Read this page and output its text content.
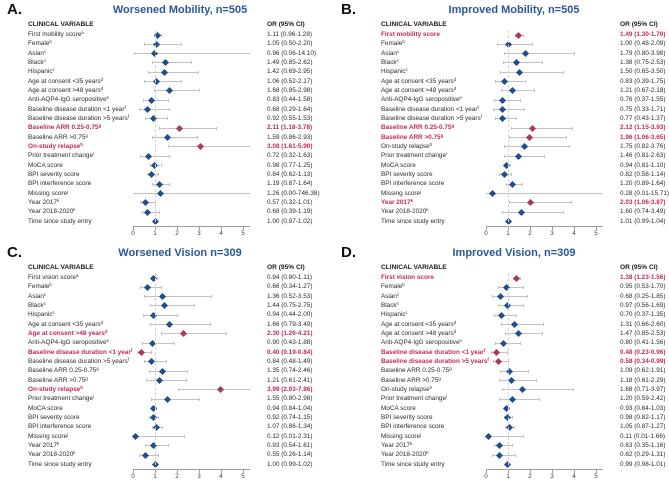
A.	Worsened Mobility, n=505
CLINICAL VARIABLE	OR (95% CI)
First mobility score$^a$	1.11 (0.96-1.28)
Female$^b$	1.05 (0.50-2.20)
Asian$^c$	0.96 (0.06-14.10)
Black$^c$	1.49 (0.85-2.62)
Hispanic$^c$	1.42 (0.69-2.95)
Age at consent <35 years$^d$	1.06 (0.52-2.17)
Age at consent >48 years$^d$	1.68 (0.95-2.98)
Anti-AQP4-IgG seropositive$^e$	0.83 (0.44-1.58)
Baseline disease duration <1 year$^f$	0.68 (0.29-1.64)
Baseline disease duration >5 years$^f$	0.92 (0.55-1.53)
Baseline ARR 0.25-0.75$^g$	2.11 (1.18-3.78)
Baseline ARR >0.75$^g$	1.59 (0.86-2.93)
On-study relapse$^h$	3.08 (1.61-5.90)
Prior treatment change$^i$	0.72 (0.32-1.63)
MoCA score	0.98 (0.77-1.25)
BPI severity score	0.84 (0.62-1.13)
BPI interference score	1.19 (0.87-1.64)
Missing score$^j$	1.26 (0.00-746.38)
Year 2017$^k$	0.57 (0.32-1.01)
Year 2018-2020$^k$	0.68 (0.39-1.19)
Time since study entry	1.00 (0.97-1.02)
0	1	2	3	4	5
B.	Improved Mobility, n=505
CLINICAL VARIABLE	OR (95% CI)
First mobility score	1.49 (1.30-1.70)
Female$^b$	1.00 (0.48-2.09)
Asian$^c$	1.79 (0.80-3.98)
Black$^c$	1.38 (0.75-2.53)
Hispanic$^c$	1.50 (0.65-3.50)
Age at consent <35 years$^d$	0.83 (0.39-1.75)
Age at consent >48 years$^d$	1.21 (0.67-2.18)
Anti-AQP4-IgG seropositive$^e$	0.76 (0.37-1.55)
Baseline disease duration <1 year$^f$	0.75 (0.33-1.71)
Baseline disease duration >5 years$^f$	0.77 (0.43-1.37)
Baseline ARR 0.25-0.75$^g$	2.12 (1.15-3.93)
Baseline ARR >0.75$^g$	1.96 (1.06-3.65)
On-study relapse$^h$	1.75 (0.82-3.76)
Prior treatment change$^i$	1.46 (0.81-2.63)
MoCA score	0.94 (0.81-1.10)
BPI severity score	0.82 (0.58-1.14)
BPI interference score	1.20 (0.89-1.64)
Missing score$^j$	0.28 (0.01-15.71)
Year 2017$^k$	2.03 (1.06-3.87)
Year 2018-2020$^k$	1.60 (0.74-3.49)
Time since study entry	1.01 (0.99-1.04)
0	1	2	3	4	5
C.	Worsened Vision n=309
CLINICAL VARIABLE	OR (95% CI)
First vision score$^a$	0.94 (0.80-1.11)
Female$^b$	0.66 (0.34-1.27)
Asian$^c$	1.36 (0.52-3.53)
Black$^c$	1.44 (0.75-2.75)
Hispanic$^c$	0.94 (0.44-2.00)
Age at consent <35 years$^d$	1.66 (0.79-3.49)
Age at consent >48 years$^d$	2.30 (1.26-4.21)
Anti-AQP4-IgG seropositive$^e$	0.90 (0.43-1.88)
Baseline disease duration <1 year$^f$	0.40 (0.19-0.84)
Baseline disease duration >5 years$^f$	0.84 (0.48-1.49)
Baseline ARR 0.25-0.75$^g$	1.35 (0.74-2.46)
Baseline ARR >0.75$^g$	1.21 (0.61-2.41)
On-study relapse$^h$	3.99 (2.03-7.86)
Prior treatment change$^i$	1.55 (0.80-2.98)
MoCA score	0.94 (0.84-1.04)
BPI severity score	0.92 (0.74-1.15)
BPI interference score	1.07 (0.86-1.34)
Missing score$^j$	0.12 (0.01-2.31)
Year 2017$^k$	0.93 (0.54-1.61)
Year 2018-2020$^k$	0.55 (0.26-1.14)
Time since study entry	1.00 (0.99-1.02)
0	1	2	3	4	5
D.	Improved Vision, n=309
CLINICAL VARIABLE	OR (95% CI)
First vision score	1.38 (1.23-1.56)
Female$^b$	0.95 (0.53-1.70)
Asian$^c$	0.68 (0.25-1.85)
Black$^c$	0.97 (0.56-1.69)
Hispanic$^c$	0.70 (0.37-1.35)
Age at consent <35 years$^d$	1.31 (0.66-2.60)
Age at consent >48 years$^d$	1.47 (0.85-2.53)
Anti-AQP4-IgG seropositive$^e$	0.80 (0.41-1.56)
Baseline disease duration <1 year$^f$	0.48 (0.23-0.96)
Baseline disease duration >5 years$^f$	0.58 (0.34-0.99)
Baseline ARR 0.25-0.75$^g$	1.09 (0.62-1.91)
Baseline ARR >0.75$^g$	1.18 (0.61-2.29)
On-study relapse$^h$	1.68 (0.71-3.97)
Prior treatment change$^i$	1.20 (0.59-2.42)
MoCA score	0.93 (0.84-1.03)
BPI severity score	0.98 (0.82-1.17)
BPI interference score	1.05 (0.87-1.27)
Missing score$^j$	0.11 (0.01-1.66)
Year 2017$^k$	0.63 (0.35-1.16)
Year 2018-2020$^k$	0.62 (0.29-1.31)
Time since study entry	0.99 (0.98-1.01)
0	1	2	3	4	5
